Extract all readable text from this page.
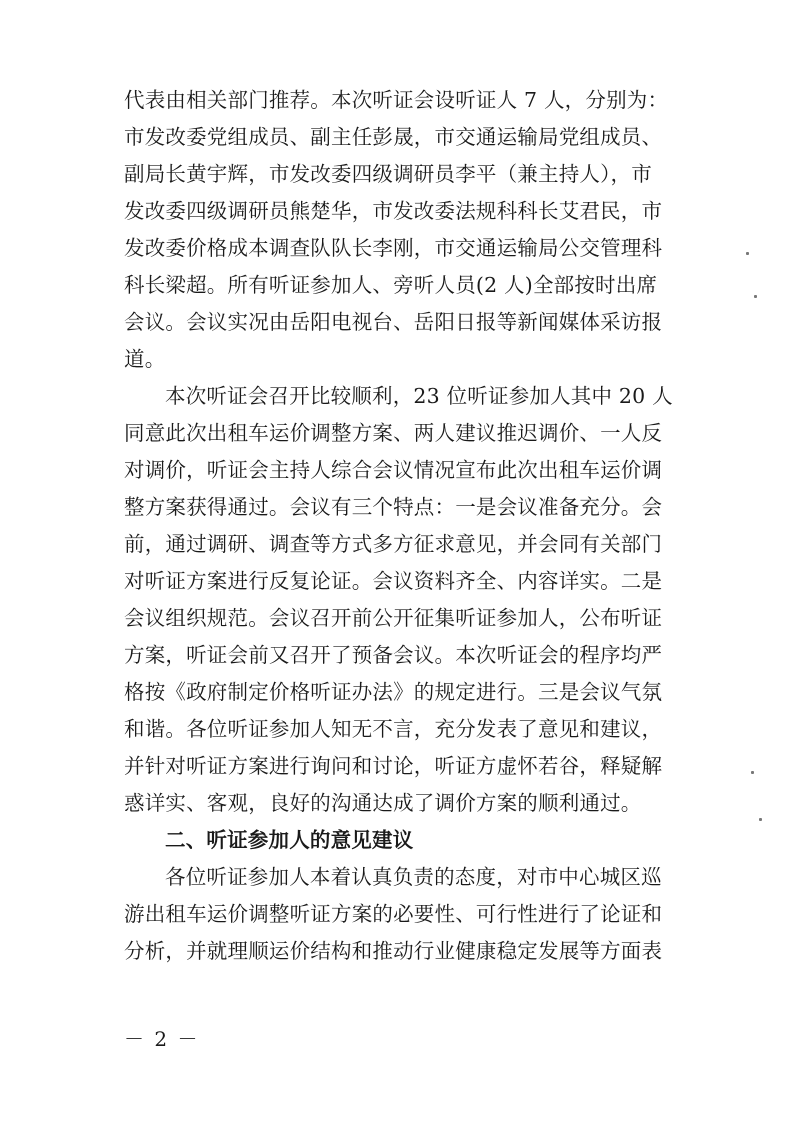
代表由相关部门推荐。本次听证会设听证人 7 人，分别为：
市发改委党组成员、副主任彭晟，市交通运输局党组成员、
副局长黄宇辉，市发改委四级调研员李平（兼主持人），市
发改委四级调研员熊楚华，市发改委法规科科长艾君民，市
发改委价格成本调查队队长李刚，市交通运输局公交管理科
科长梁超。所有听证参加人、旁听人员(2 人)全部按时出席
会议。会议实况由岳阳电视台、岳阳日报等新闻媒体采访报
道。
本次听证会召开比较顺利，23 位听证参加人其中 20 人
同意此次出租车运价调整方案、两人建议推迟调价、一人反
对调价，听证会主持人综合会议情况宣布此次出租车运价调
整方案获得通过。会议有三个特点：一是会议准备充分。会
前，通过调研、调查等方式多方征求意见，并会同有关部门
对听证方案进行反复论证。会议资料齐全、内容详实。二是
会议组织规范。会议召开前公开征集听证参加人，公布听证
方案，听证会前又召开了预备会议。本次听证会的程序均严
格按《政府制定价格听证办法》的规定进行。三是会议气氛
和谐。各位听证参加人知无不言，充分发表了意见和建议，
并针对听证方案进行询问和讨论，听证方虚怀若谷，释疑解
惑详实、客观，良好的沟通达成了调价方案的顺利通过。
二、听证参加人的意见建议
各位听证参加人本着认真负责的态度，对市中心城区巡
游出租车运价调整听证方案的必要性、可行性进行了论证和
分析，并就理顺运价结构和推动行业健康稳定发展等方面表
－ 2 －
